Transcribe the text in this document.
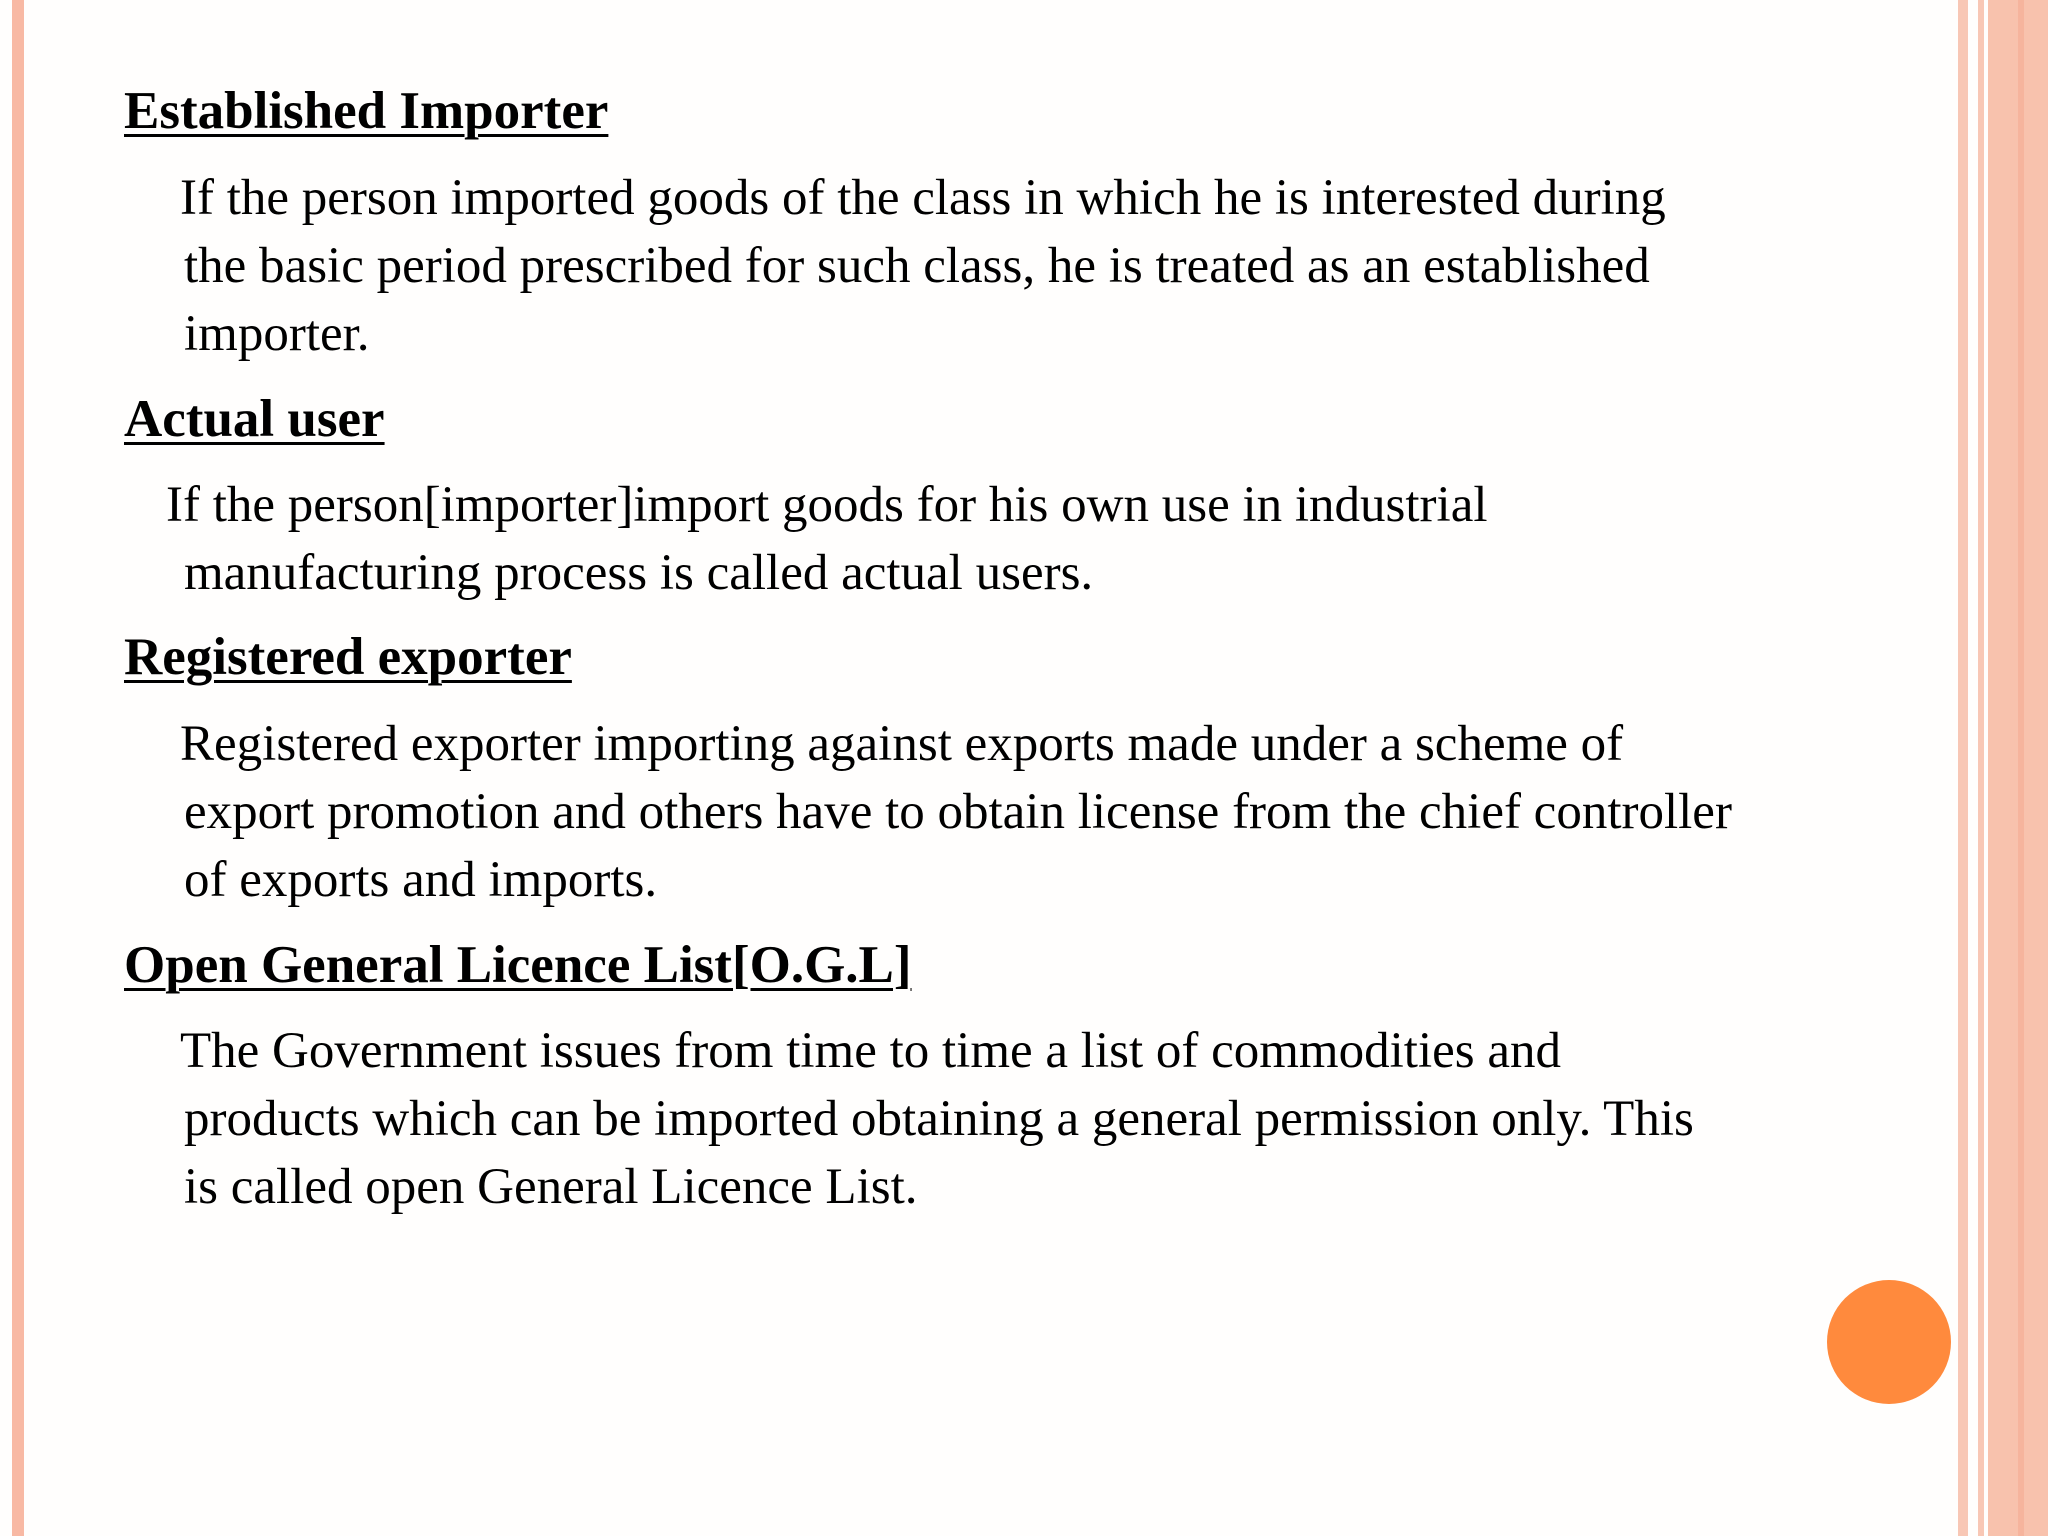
Established Importer

If the person imported goods of the class in which he is interested during
the basic period prescribed for such class, he is treated as an established
importer.

Actual user

If the person[importer]import goods for his own use in industrial
manufacturing process is called actual users.

Registered exporter

Registered exporter importing against exports made under a scheme of
export promotion and others have to obtain license from the chief controller
of exports and imports.

Open General Licence List[O.G.L]

The Government issues from time to time a list of commodities and
products which can be imported obtaining a general permission only. This
is called open General Licence List.
